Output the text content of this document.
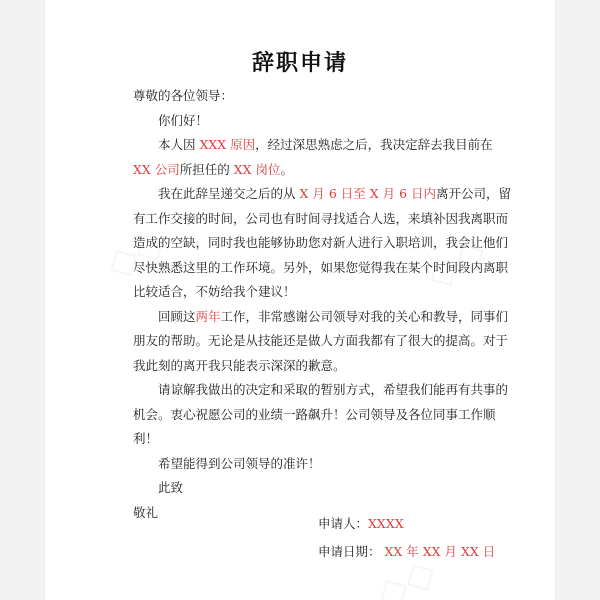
辞职申请

尊敬的各位领导：

你们好！

本人因 XXX 原因，经过深思熟虑之后，我决定辞去我目前在 XX 公司所担任的 XX 岗位。

我在此辞呈递交之后的从 X 月 6 日至 X 月 6 日内离开公司，留有工作交接的时间，公司也有时间寻找适合人选，来填补因我离职而造成的空缺，同时我也能够协助您对新人进行入职培训，我会让他们尽快熟悉这里的工作环境。另外，如果您觉得我在某个时间段内离职比较适合，不妨给我个建议！

回顾这两年工作，非常感谢公司领导对我的关心和教导，同事们朋友的帮助。无论是从技能还是做人方面我都有了很大的提高。对于我此刻的离开我只能表示深深的歉意。

请谅解我做出的决定和采取的暂别方式，希望我们能再有共事的机会。衷心祝愿公司的业绩一路飙升！公司领导及各位同事工作顺利！

希望能得到公司领导的准许！

此致

敬礼

申请人：XXXX

申请日期： XX 年 XX 月 XX 日
